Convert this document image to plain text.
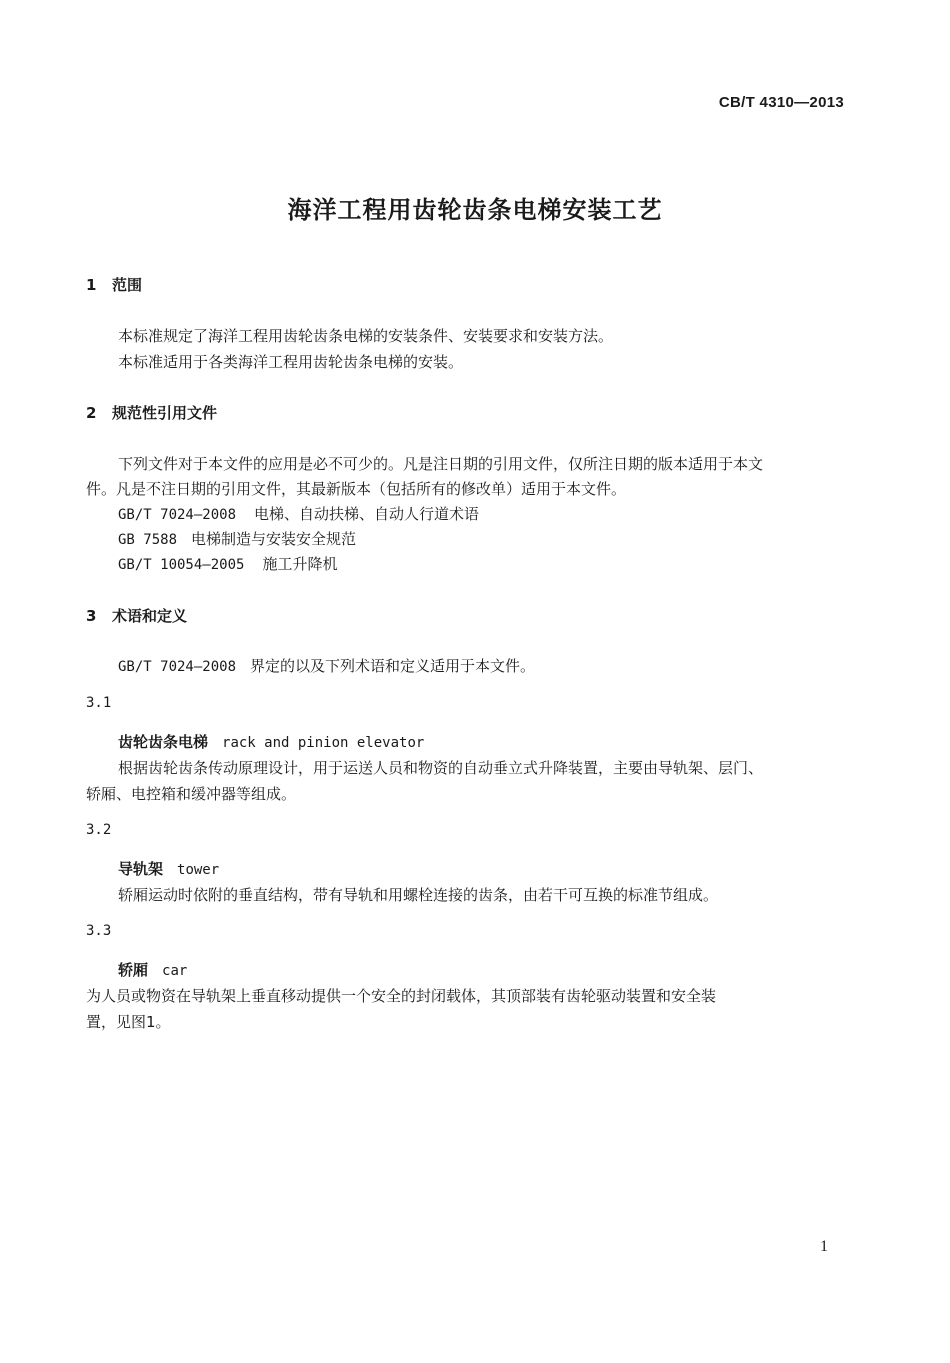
CB/T 4310—2013
海洋工程用齿轮齿条电梯安装工艺
1 范围
本标准规定了海洋工程用齿轮齿条电梯的安装条件、安装要求和安装方法。
本标准适用于各类海洋工程用齿轮齿条电梯的安装。
2 规范性引用文件
下列文件对于本文件的应用是必不可少的。凡是注日期的引用文件，仅所注日期的版本适用于本文
件。凡是不注日期的引用文件，其最新版本（包括所有的修改单）适用于本文件。
GB/T 7024—2008 电梯、自动扶梯、自动人行道术语
GB 7588 电梯制造与安装安全规范
GB/T 10054—2005 施工升降机
3 术语和定义
GB/T 7024—2008 界定的以及下列术语和定义适用于本文件。
3.1
齿轮齿条电梯 rack and pinion elevator
根据齿轮齿条传动原理设计，用于运送人员和物资的自动垂立式升降装置，主要由导轨架、层门、
轿厢、电控箱和缓冲器等组成。
3.2
导轨架 tower
轿厢运动时依附的垂直结构，带有导轨和用螺栓连接的齿条，由若干可互换的标准节组成。
3.3
轿厢 car
为人员或物资在导轨架上垂直移动提供一个安全的封闭载体，其顶部装有齿轮驱动装置和安全装
置，见图1。
1
